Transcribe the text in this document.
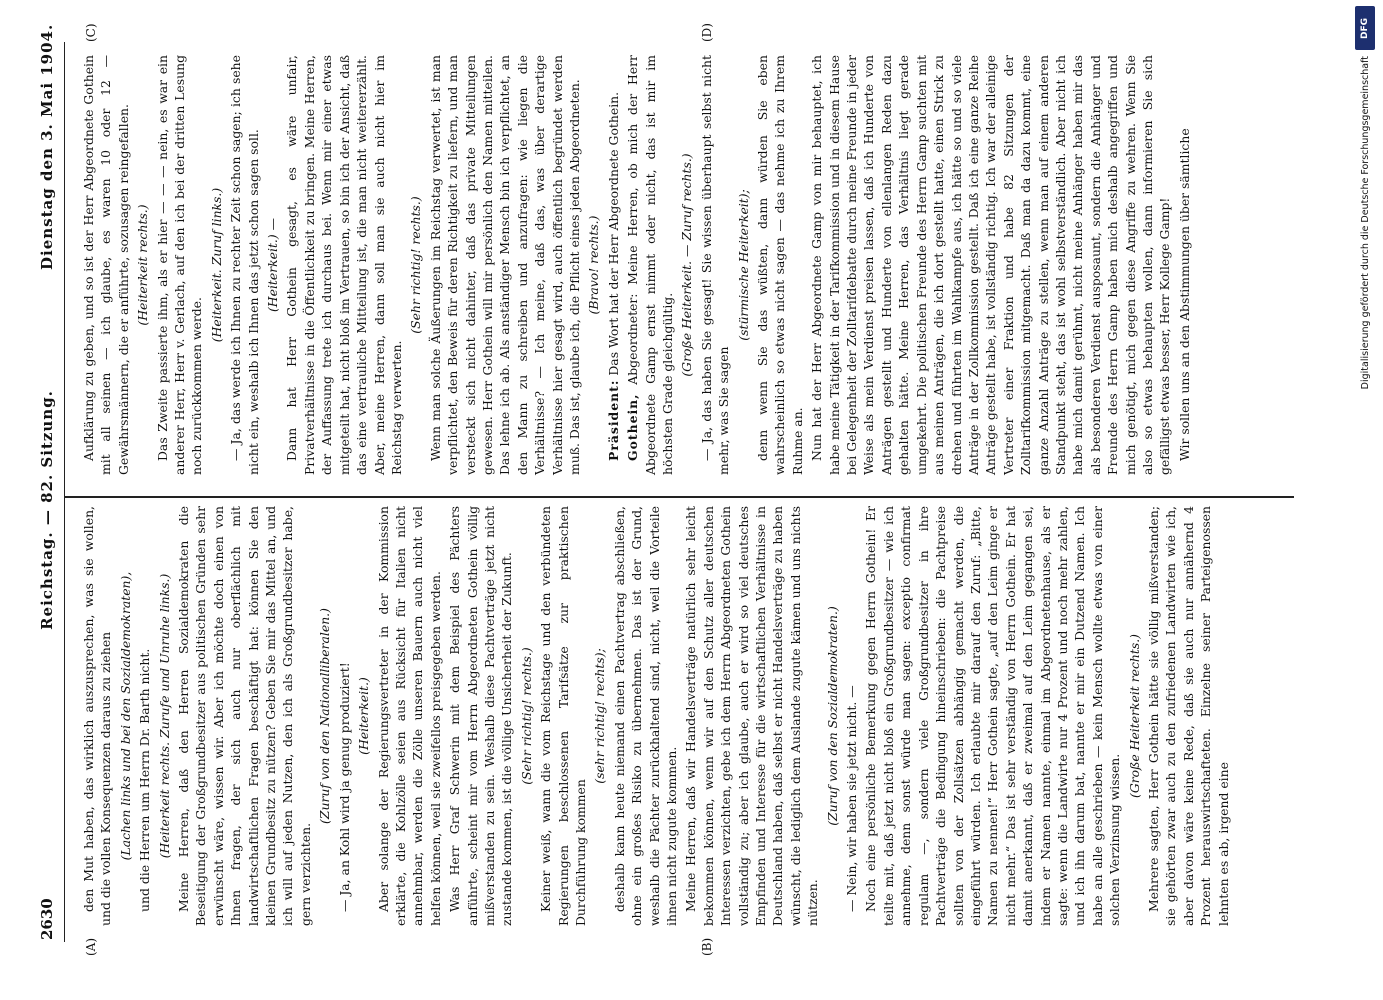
2630
Reichstag. — 82. Sitzung.
Dienstag den 3. Mai 1904.
(A)	(B)
(C)	(D)

den Mut haben, das wirklich auszusprechen, was sie wollen, und die vollen Konsequenzen daraus zu ziehen (Lachen links und bei den Sozialdemokraten), und die Herren um Herrn Dr. Barth nicht. (Heiterkeit rechts. Zurufe und Unruhe links.) Meine Herren, daß den Herren Sozialdemokraten die Beseitigung der Großgrundbesitzer aus politischen Gründen sehr erwünscht wäre, wissen wir. Aber ich möchte doch einen von Ihnen fragen, der sich auch nur oberflächlich mit landwirtschaftlichen Fragen beschäftigt hat: können Sie den kleinen Grundbesitz zu nützen? Geben Sie mir das Mittel an, und ich will auf jeden Nutzen, den ich als Großgrundbesitzer habe, gern verzichten.

(Zuruf von den Nationalliberalen.) — Ja, an Kohl wird ja genug produziert! (Heiterkeit.) Aber solange der Regierungsvertreter in der Kommission erklärte, die Kohlzölle seien aus Rücksicht für Italien nicht annehmbar, werden die Zölle unseren Bauern auch nicht viel helfen können, weil sie zweifellos preisgegeben werden. Was Herr Graf Schwerin mit dem Beispiel des Pächters anführte, scheint mir vom Herrn Abgeordneten Gothein völlig mißverstanden zu sein. Weshalb diese Pachtverträge jetzt nicht zustande kommen, ist die völlige Unsicherheit der Zukunft. (Sehr richtig! rechts.) Keiner weiß, wann die vom Reichstage und den verbündeten Regierungen beschlossenen Tarifsätze zur praktischen Durchführung kommen

(sehr richtig! rechts); deshalb kann heute niemand einen Pachtvertrag abschließen, ohne ein großes Risiko zu übernehmen. Das ist der Grund, weshalb die Pächter zurückhaltend sind, nicht, weil die Vorteile ihnen nicht zugute kommen. Meine Herren, daß wir Handelsverträge natürlich sehr leicht bekommen können, wenn wir auf den Schutz aller deutschen Interessen verzichten, gebe ich dem Herrn Abgeordneten Gothein vollständig zu; aber ich glaube, auch er wird so viel deutsches Empfinden und Interesse für die wirtschaftlichen Verhältnisse in Deutschland haben, daß selbst er nicht Handelsverträge zu haben wünscht, die lediglich dem Auslande zugute kämen und uns nichts nützen.

(Zuruf von den Sozialdemokraten.) — Nein, wir haben sie jetzt nicht. — Noch eine persönliche Bemerkung gegen Herrn Gothein! Er teilte mit, daß jetzt nicht bloß ein Großgrundbesitzer — wie ich annehme, denn sonst würde man sagen: exceptio confirmat regulam —, sondern viele Großgrundbesitzer in ihre Pachtverträge die Bedingung hineinschrieben: die Pachtpreise sollten von der Zollsätzen abhängig gemacht werden, die eingeführt würden. Ich erlaubte mir darauf den Zuruf: „Bitte, Namen zu nennen!“ Herr Gothein sagte, „auf den Leim ginge er nicht mehr.“ Das ist sehr verständig von Herrn Gothein. Er hat damit anerkannt, daß er zweimal auf den Leim gegangen sei, indem er Namen nannte, einmal im Abgeordnetenhause, als er sagte: wenn die Landwirte nur 4 Prozent und noch mehr zahlen, und ich ihn darum bat, nannte er mir ein Dutzend Namen. Ich habe an alle geschrieben — kein Mensch wollte etwas von einer solchen Verzinsung wissen.

(Große Heiterkeit rechts.) Mehrere sagten, Herr Gothein hätte sie völlig mißverstanden; sie gehörten zwar auch zu den zufriedenen Landwirten wie ich, aber davon wäre keine Rede, daß sie auch nur annähernd 4 Prozent herauswirtschafteten. Einzelne seiner Parteigenossen lehnten es ab, irgend eine

Aufklärung zu geben, und so ist der Herr Abgeordnete Gothein mit all seinen — ich glaube, es waren 10 oder 12 — Gewährsmännern, die er anführte, sozusagen reingefallen. (Heiterkeit rechts.) Das Zweite passierte ihm, als er hier — — — nein, es war ein anderer Herr, Herr v. Gerlach, auf den ich bei der dritten Lesung noch zurückkommen werde.

(Heiterkeit. Zuruf links.) — Ja, das werde ich Ihnen zu rechter Zeit schon sagen; ich sehe nicht ein, weshalb ich Ihnen das jetzt schon sagen soll. (Heiterkeit.) — Dann hat Herr Gothein gesagt, es wäre unfair, Privatverhältnisse in die Öffentlichkeit zu bringen. Meine Herren, der Auffassung trete ich durchaus bei. Wenn mir einer etwas mitgeteilt hat, nicht bloß im Vertrauen, so bin ich der Ansicht, daß das eine vertrauliche Mitteilung ist, die man nicht weitererzählt. Aber, meine Herren, dann soll man sie auch nicht hier im Reichstag verwerten.

(Sehr richtig! rechts.) Wenn man solche Äußerungen im Reichstag verwertet, ist man verpflichtet, den Beweis für deren Richtigkeit zu liefern, und man versteckt sich nicht dahinter, daß das private Mitteilungen gewesen. Herr Gothein will mir persönlich den Namen mitteilen. Das lehne ich ab. Als anständiger Mensch bin ich verpflichtet, an den Mann zu schreiben und anzufragen: wie liegen die Verhältnisse? — Ich meine, daß das, was über derartige Verhältnisse hier gesagt wird, auch öffentlich begründet werden muß. Das ist, glaube ich, die Pflicht eines jeden Abgeordneten. (Bravo! rechts.)

Präsident: Das Wort hat der Herr Abgeordnete Gothein.

Gothein, Abgeordneter: Meine Herren, ob mich der Herr Abgeordnete Gamp ernst nimmt oder nicht, das ist mir im höchsten Grade gleichgültig.

(Große Heiterkeit. — Zuruf rechts.) — Ja, das haben Sie gesagt! Sie wissen überhaupt selbst nicht mehr, was Sie sagen

(stürmische Heiterkeit); denn wenn Sie das wüßten, dann würden Sie eben wahrscheinlich so etwas nicht sagen — das nehme ich zu Ihrem Ruhme an. Nun hat der Herr Abgeordnete Gamp von mir behauptet, ich habe meine Tätigkeit in der Tarifkommission und in diesem Hause bei Gelegenheit der Zolltarifdebatte durch meine Freunde in jeder Weise als mein Verdienst preisen lassen, daß ich Hunderte von Anträgen gestellt und Hunderte von ellenlangen Reden dazu gehalten hätte. Meine Herren, das Verhältnis liegt gerade umgekehrt. Die politischen Freunde des Herrn Gamp suchten mit aus meinen Anträgen, die ich dort gestellt hatte, einen Strick zu drehen und führten im Wahlkampfe aus, ich hätte so und so viele Anträge in der Zollkommission gestellt. Daß ich eine ganze Reihe Anträge gestellt habe, ist vollständig richtig. Ich war der alleinige Vertreter einer Fraktion und habe 82 Sitzungen der Zolltarifkommission mitgemacht. Daß man da dazu kommt, eine ganze Anzahl Anträge zu stellen, wenn man auf einem anderen Standpunkt steht, das ist wohl selbstverständlich. Aber nicht ich habe mich damit gerühmt, nicht meine Anhänger haben mir das als besonderen Verdienst ausposaunt, sondern die Anhänger und Freunde des Herrn Gamp haben mich deshalb angegriffen und mich genötigt, mich gegen diese Angriffe zu wehren. Wenn Sie also so etwas behaupten wollen, dann informieren Sie sich gefälligst etwas besser, Herr Kollege Gamp! Wir sollen uns an den Abstimmungen über sämtliche

DFG
Digitalisierung gefördert durch die Deutsche Forschungsgemeinschaft
